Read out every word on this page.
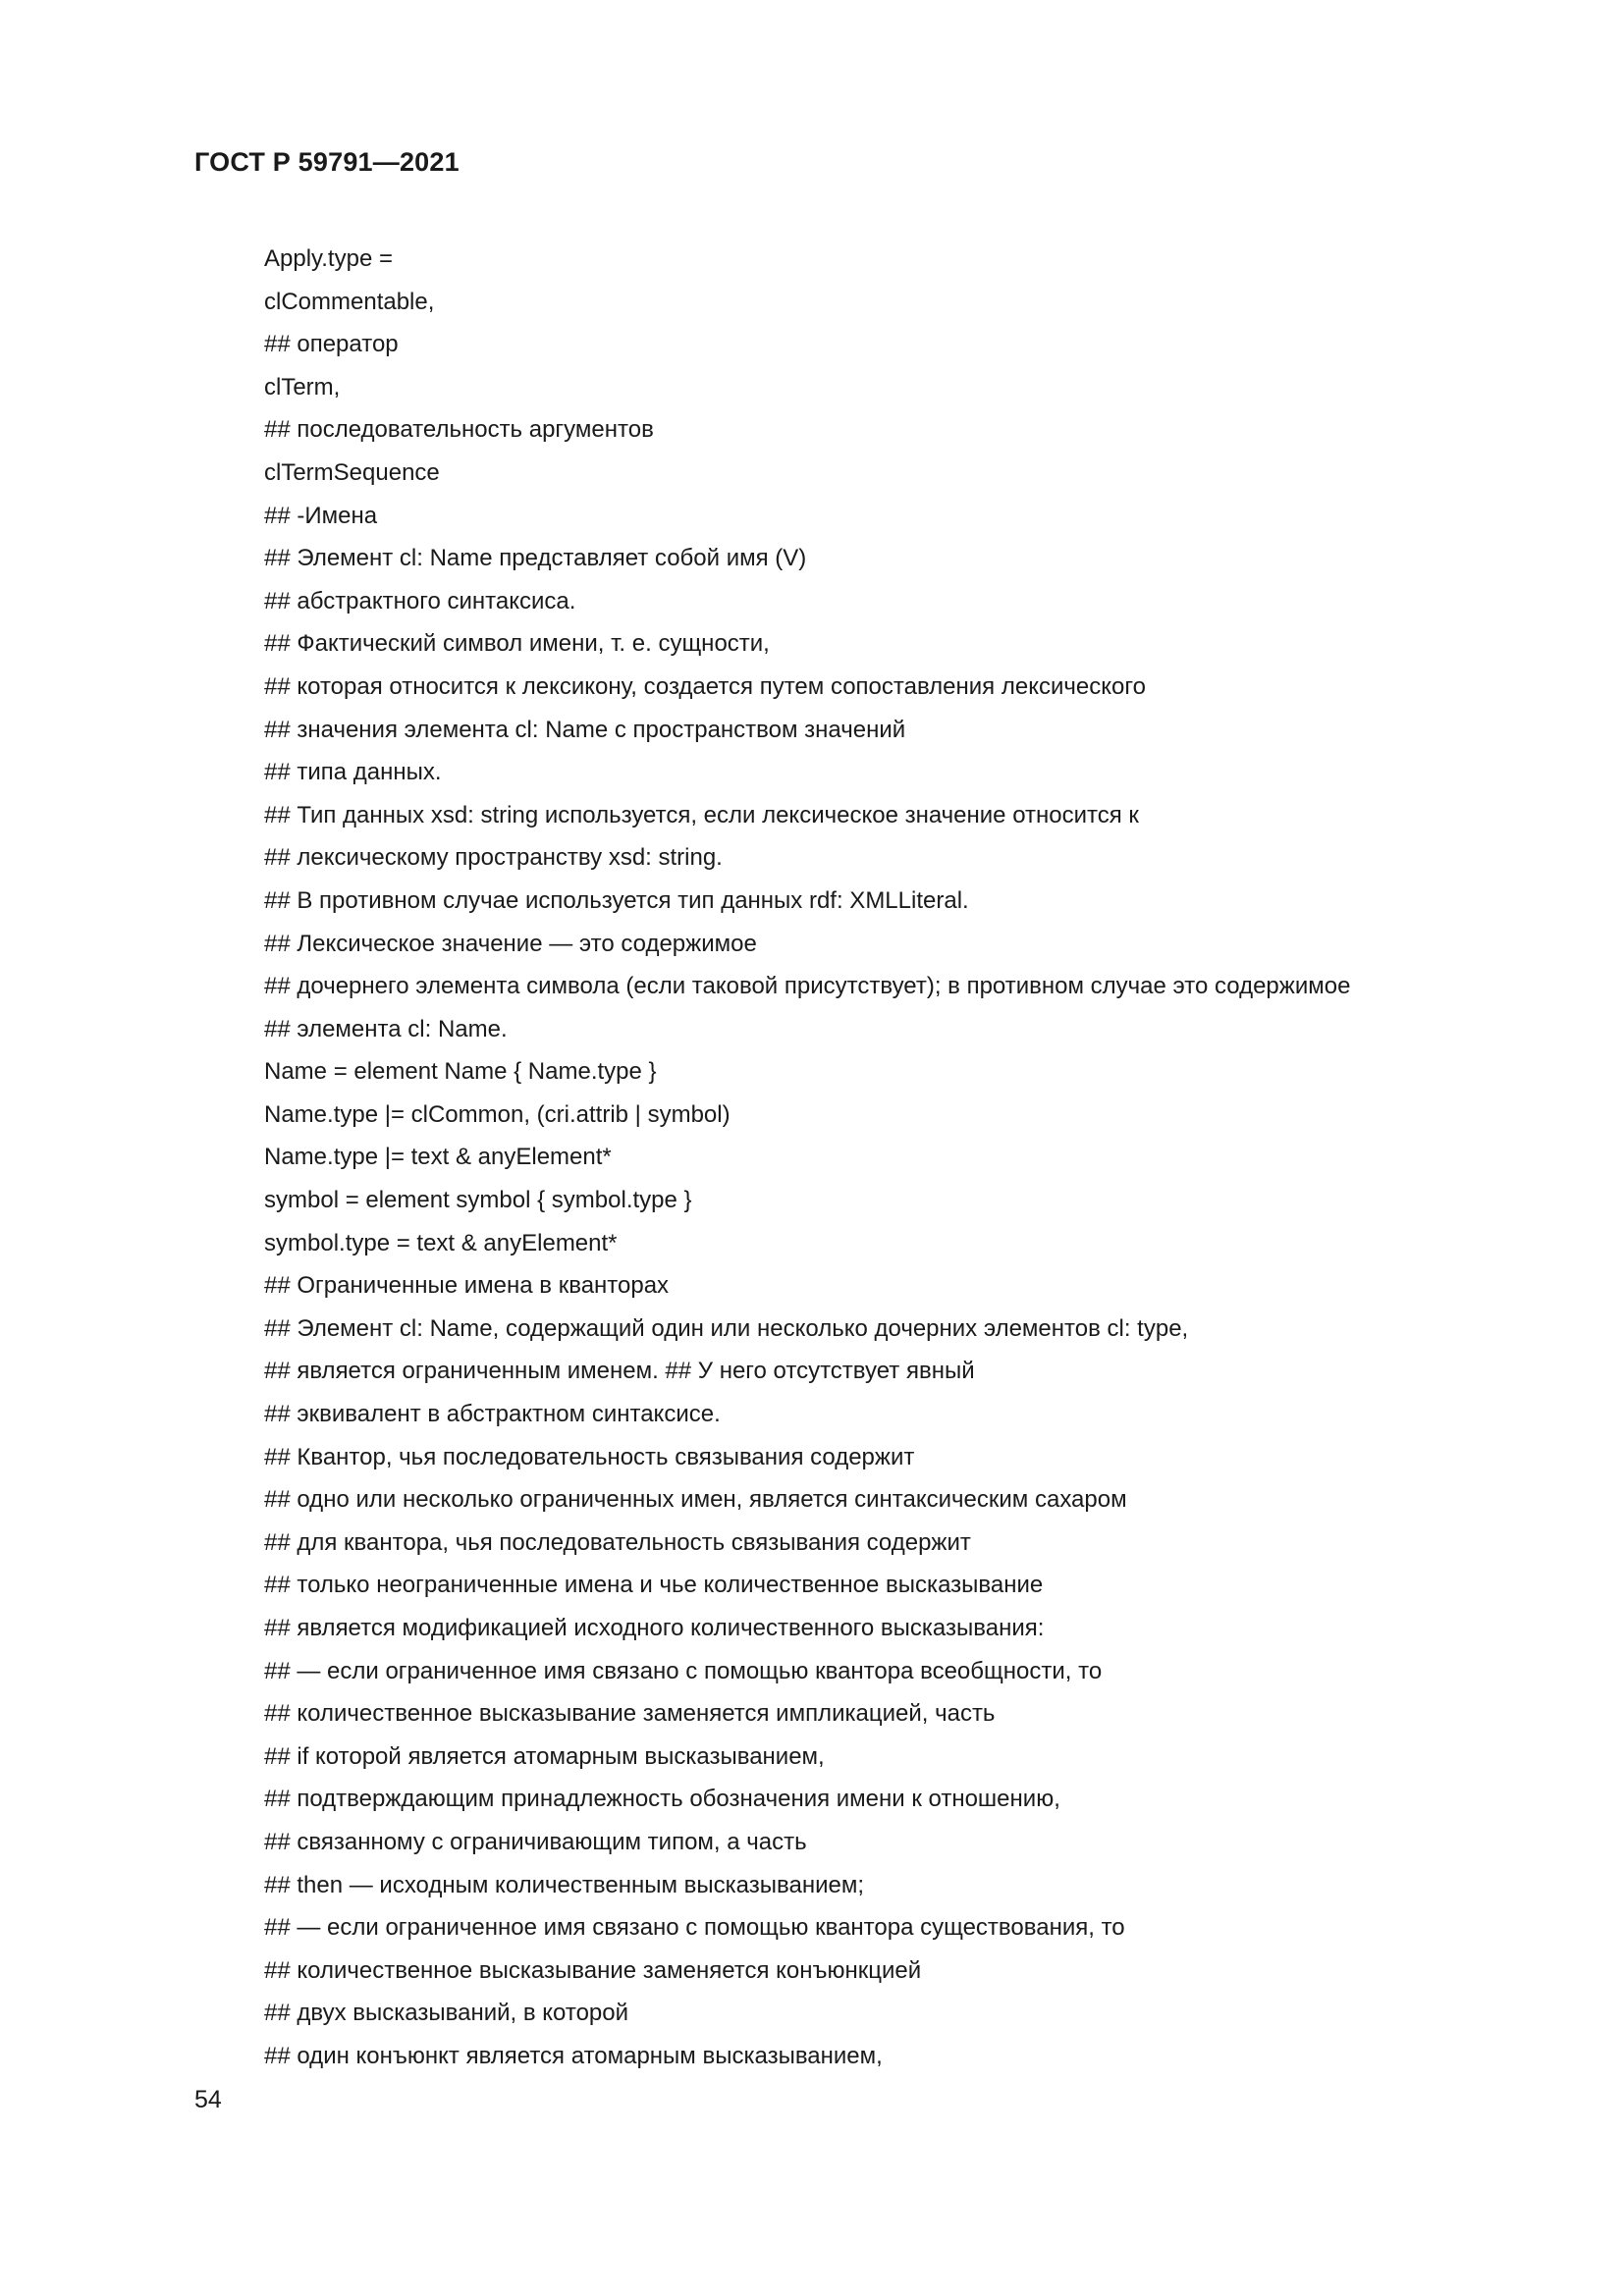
ГОСТ Р 59791—2021
Apply.type =
clCommentable,
## оператор
clTerm,
## последовательность аргументов
clTermSequence
## -Имена
## Элемент cl: Name представляет собой имя (V)
## абстрактного синтаксиса.
## Фактический символ имени, т. е. сущности,
## которая относится к лексикону, создается путем сопоставления лексического
## значения элемента cl: Name с пространством значений
## типа данных.
## Тип данных xsd: string используется, если лексическое значение относится к
## лексическому пространству xsd: string.
## В противном случае используется тип данных rdf: XMLLiteral.
## Лексическое значение — это содержимое
## дочернего элемента символа (если таковой присутствует); в противном случае это содержимое
## элемента cl: Name.
Name = element Name { Name.type }
Name.type |= clCommon, (cri.attrib | symbol)
Name.type |= text & anyElement*
symbol = element symbol { symbol.type }
symbol.type = text & anyElement*
## Ограниченные имена в кванторах
## Элемент cl: Name, содержащий один или несколько дочерних элементов cl: type,
## является ограниченным именем. ## У него отсутствует явный
## эквивалент в абстрактном синтаксисе.
## Квантор, чья последовательность связывания содержит
## одно или несколько ограниченных имен, является синтаксическим сахаром
## для квантора, чья последовательность связывания содержит
## только неограниченные имена и чье количественное высказывание
## является модификацией исходного количественного высказывания:
## — если ограниченное имя связано с помощью квантора всеобщности, то
## количественное высказывание заменяется импликацией, часть
## if которой является атомарным высказыванием,
## подтверждающим принадлежность обозначения имени к отношению,
## связанному с ограничивающим типом, а часть
## then — исходным количественным высказыванием;
## — если ограниченное имя связано с помощью квантора существования, то
## количественное высказывание заменяется конъюнкцией
## двух высказываний, в которой
## один конъюнкт является атомарным высказыванием,
54
